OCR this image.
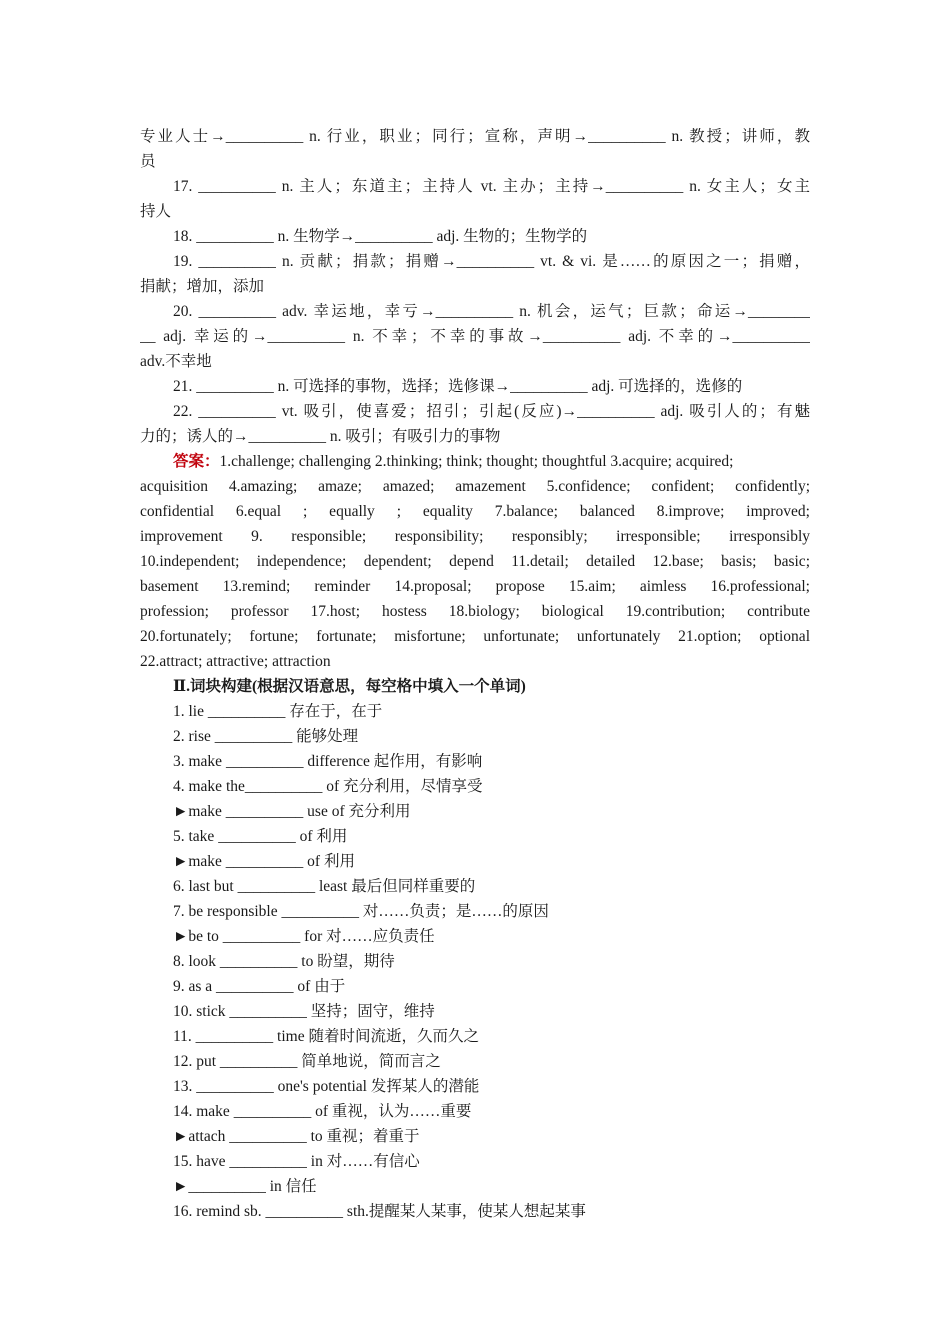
专业人士→__________ n. 行业，职业；同行；宣称，声明→__________ n. 教授；讲师，教
员
17. __________ n. 主人；东道主；主持人 vt. 主办；主持→__________ n. 女主人；女主
持人
18. __________ n. 生物学→__________ adj. 生物的；生物学的
19. __________ n. 贡献；捐款；捐赠→__________ vt. & vi. 是……的原因之一；捐赠，
捐献；增加，添加
20. __________ adv. 幸运地，幸亏→__________ n. 机会，运气；巨款；命运→________
__ adj. 幸运的→__________ n. 不幸；不幸的事故→__________ adj. 不幸的→__________
adv.不幸地
21. __________ n. 可选择的事物，选择；选修课→__________ adj. 可选择的，选修的
22. __________ vt. 吸引，使喜爱；招引；引起(反应)→__________ adj. 吸引人的；有魅
力的；诱人的→__________ n. 吸引；有吸引力的事物
答案：1.challenge; challenging 2.thinking; think; thought; thoughtful 3.acquire; acquired;
acquisition 4.amazing; amaze; amazed; amazement 5.confidence; confident; confidently;
confidential 6.equal ; equally ; equality 7.balance; balanced 8.improve; improved;
improvement 9. responsible; responsibility; responsibly; irresponsible; irresponsibly
10.independent; independence; dependent; depend 11.detail; detailed 12.base; basis; basic;
basement 13.remind; reminder 14.proposal; propose 15.aim; aimless 16.professional;
profession; professor 17.host; hostess 18.biology; biological 19.contribution; contribute
20.fortunately; fortune; fortunate; misfortune; unfortunate; unfortunately 21.option; optional
22.attract; attractive; attraction
Ⅱ.词块构建(根据汉语意思，每空格中填入一个单词)
1. lie __________ 存在于，在于
2. rise __________ 能够处理
3. make __________ difference 起作用，有影响
4. make the__________ of 充分利用，尽情享受
►make __________ use of 充分利用
5. take __________ of 利用
►make __________ of 利用
6. last but __________ least 最后但同样重要的
7. be responsible __________ 对……负责；是……的原因
►be to __________ for 对……应负责任
8. look __________ to 盼望，期待
9. as a __________ of 由于
10. stick __________ 坚持；固守，维持
11. __________ time 随着时间流逝，久而久之
12. put __________ 简单地说，简而言之
13. __________ one's potential 发挥某人的潜能
14. make __________ of 重视，认为……重要
►attach __________ to 重视；着重于
15. have __________ in 对……有信心
►__________ in 信任
16. remind sb. __________ sth.提醒某人某事，使某人想起某事
